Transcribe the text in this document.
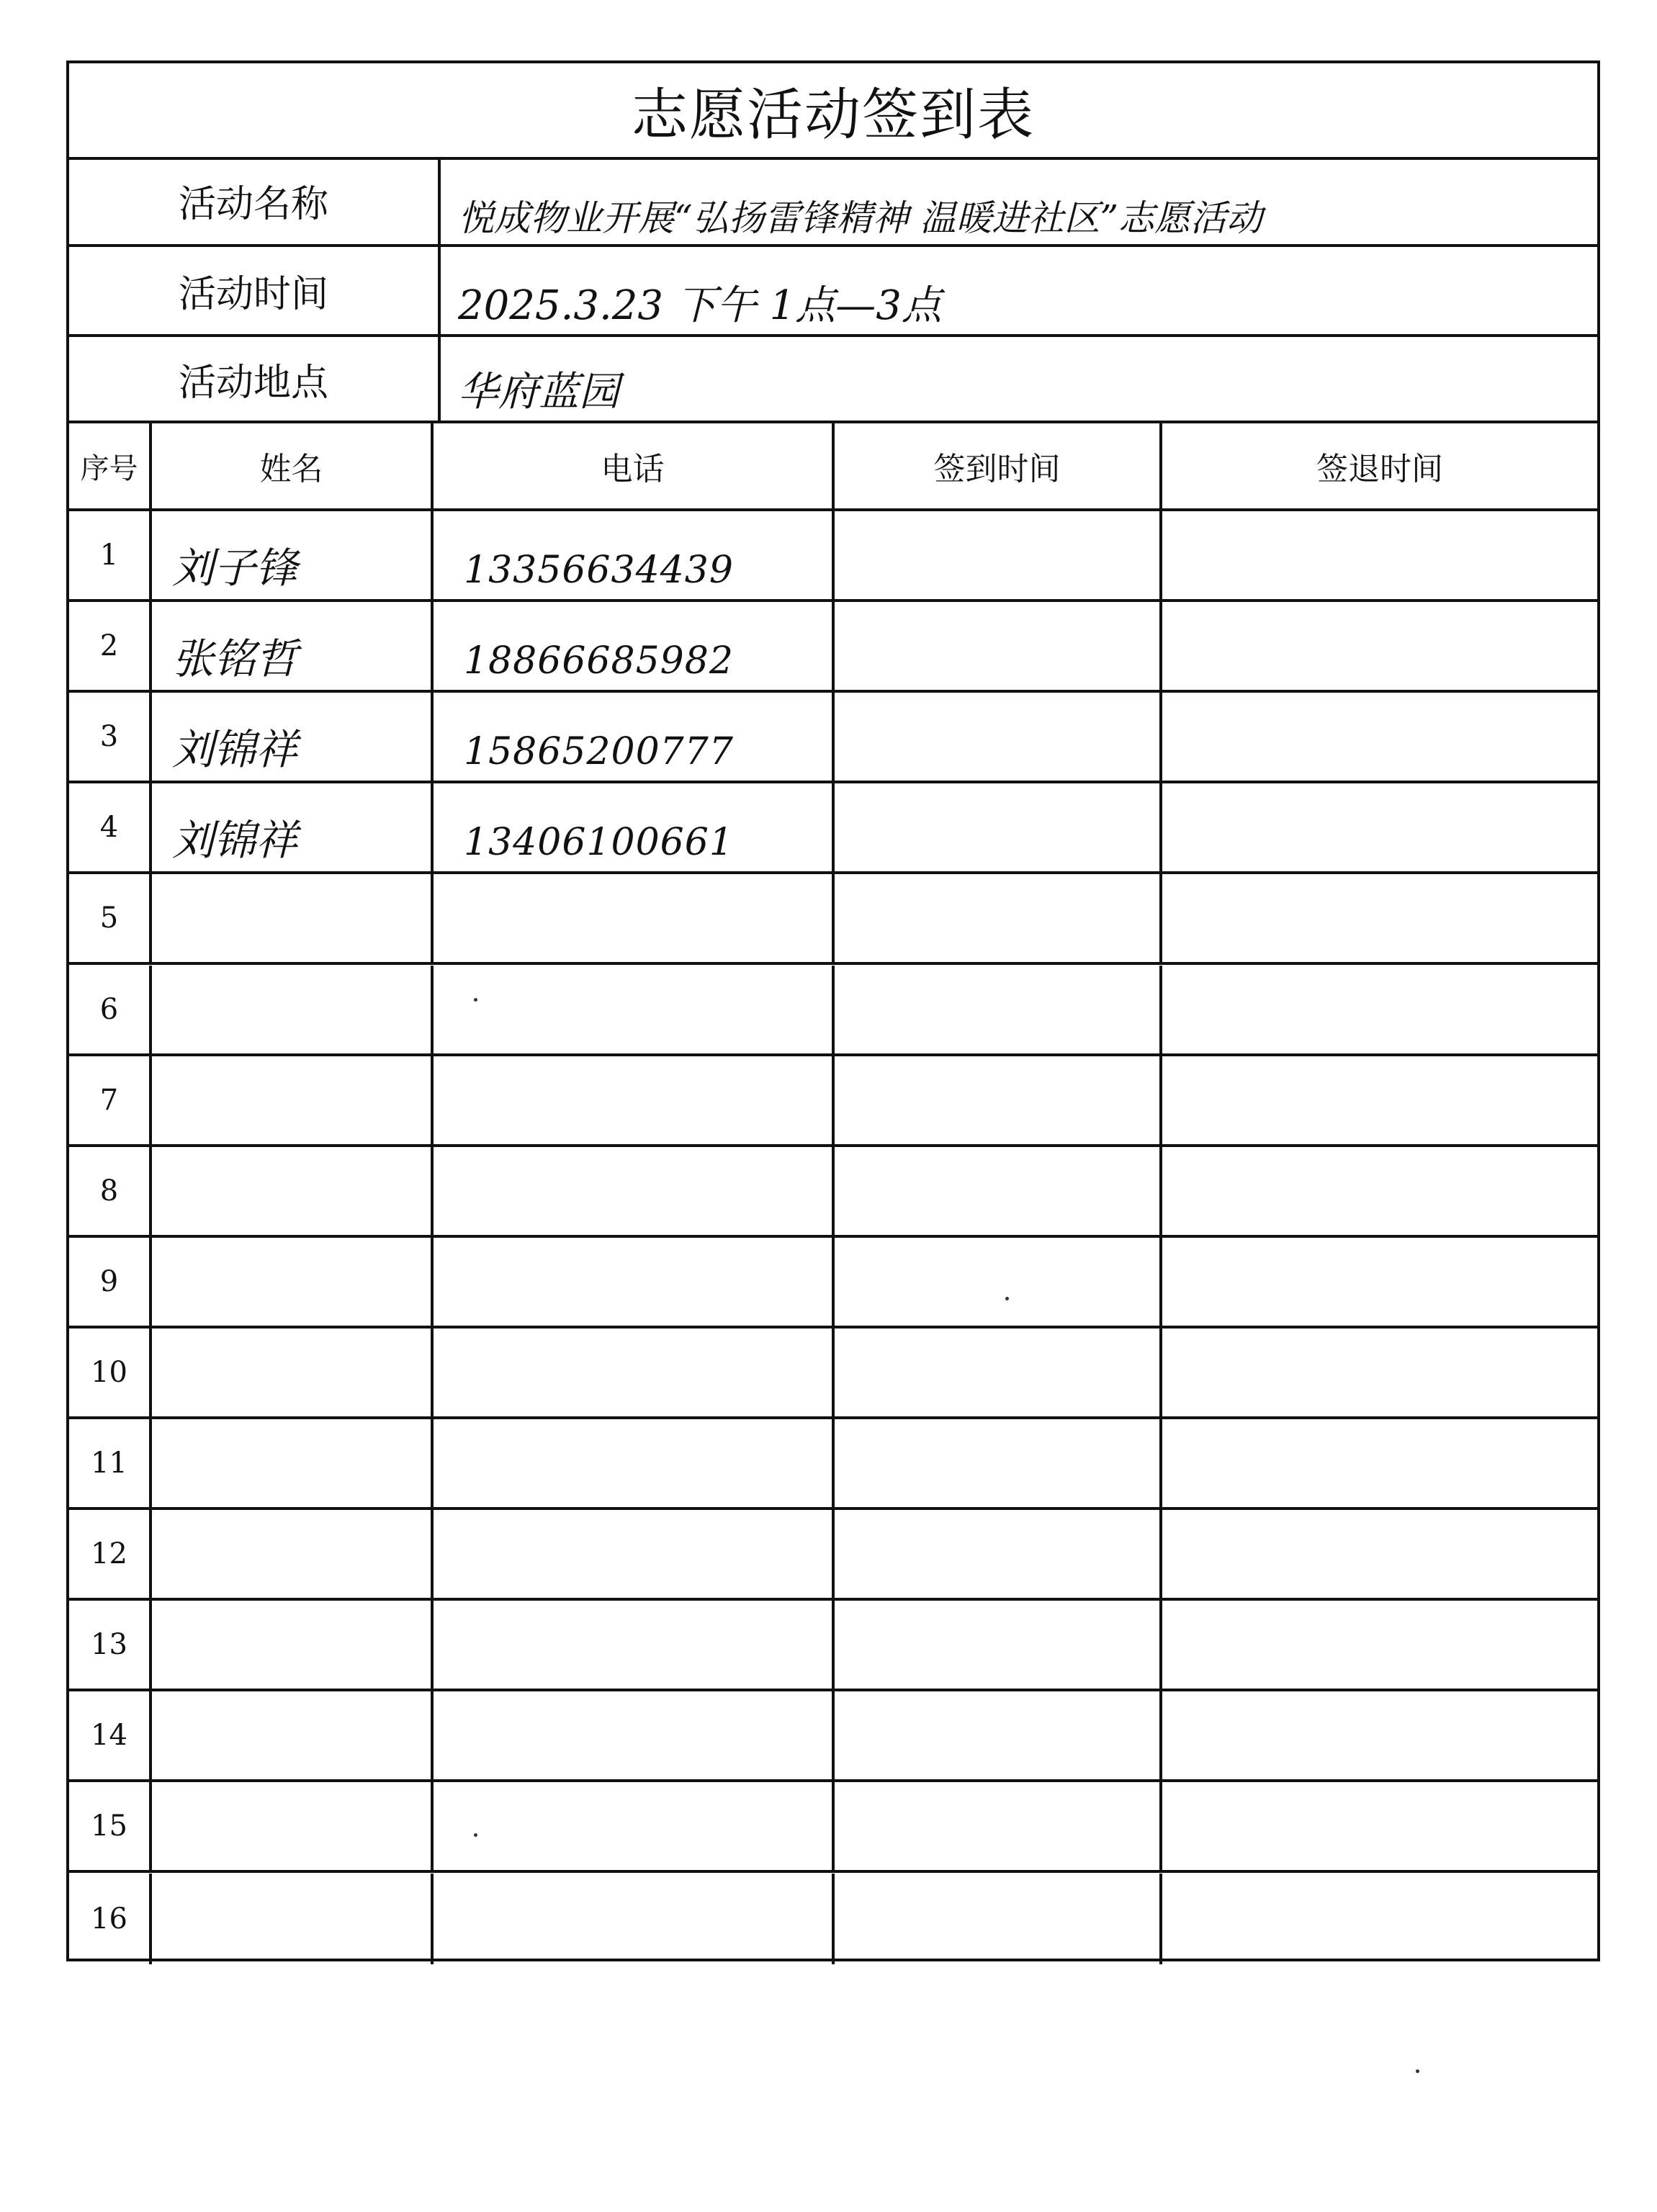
志愿活动签到表
活动名称	悦成物业开展“弘扬雷锋精神 温暖进社区”志愿活动
活动时间	2025.3.23 下午 1点—3点
活动地点	华府蓝园
序号	姓名	电话	签到时间	签退时间
1	刘子锋	13356634439
2	张铭哲	18866685982
3	刘锦祥	15865200777
4	刘锦祥	13406100661
5
6
7
8
9
10
11
12
13
14
15
16
